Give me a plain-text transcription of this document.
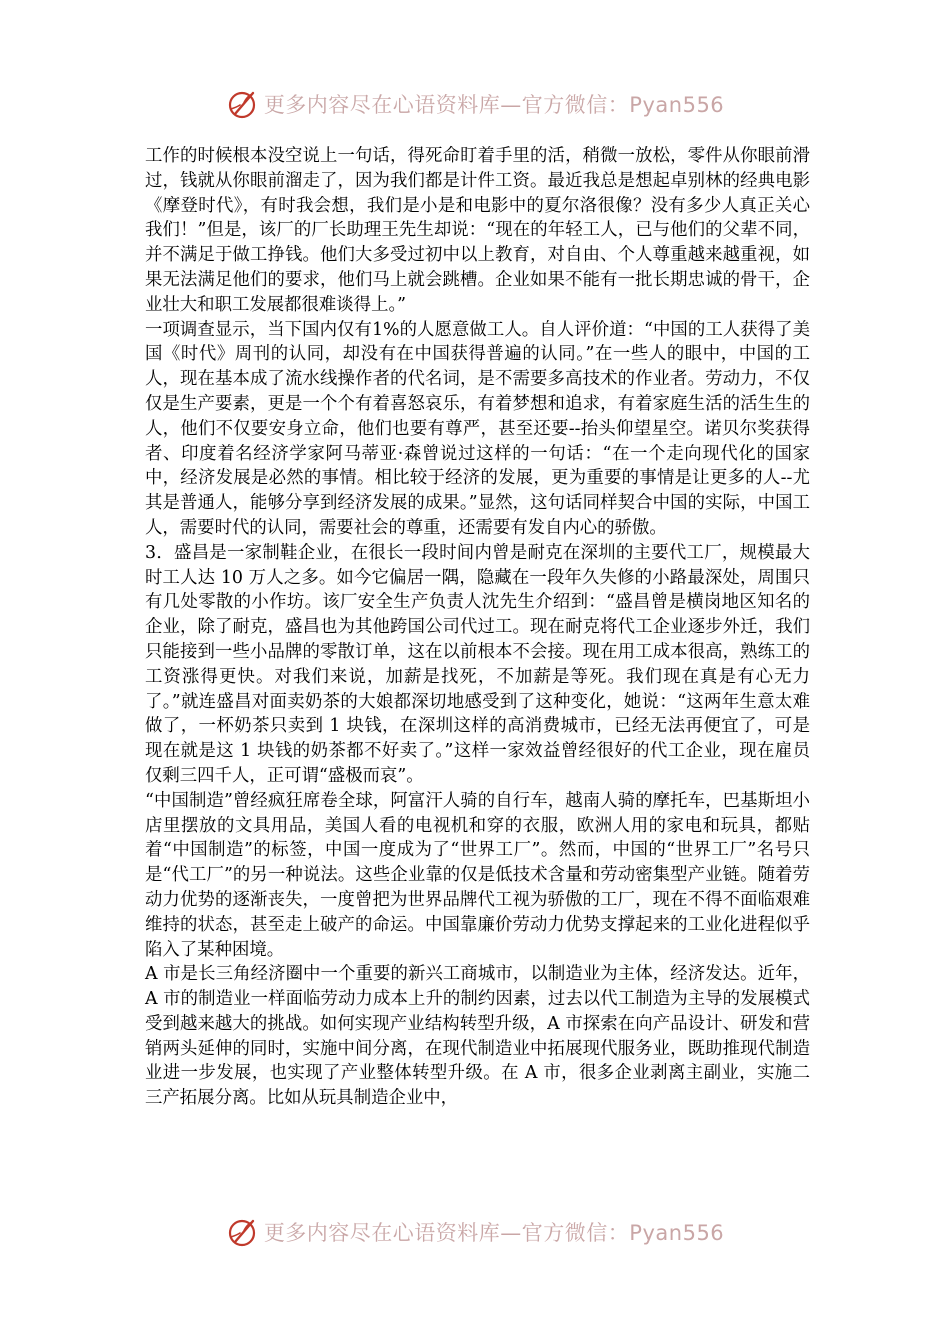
更多内容尽在心语资料库—官方微信：Pyan556

工作的时候根本没空说上一句话，得死命盯着手里的活，稍微一放松，零件从你眼前滑过，钱就从你眼前溜走了，因为我们都是计件工资。最近我总是想起卓别林的经典电影《摩登时代》，有时我会想，我们是小是和电影中的夏尔洛很像？没有多少人真正关心我们！”但是，该厂的厂长助理王先生却说：“现在的年轻工人，已与他们的父辈不同，并不满足于做工挣钱。他们大多受过初中以上教育，对自由、个人尊重越来越重视，如果无法满足他们的要求，他们马上就会跳槽。企业如果不能有一批长期忠诚的骨干，企业壮大和职工发展都很难谈得上。”

一项调查显示，当下国内仅有1%的人愿意做工人。自人评价道：“中国的工人获得了美国《时代》周刊的认同，却没有在中国获得普遍的认同。”在一些人的眼中，中国的工人，现在基本成了流水线操作者的代名词，是不需要多高技术的作业者。劳动力，不仅仅是生产要素，更是一个个有着喜怒哀乐，有着梦想和追求，有着家庭生活的活生生的人，他们不仅要安身立命，他们也要有尊严，甚至还要--抬头仰望星空。诺贝尔奖获得者、印度着名经济学家阿马蒂亚·森曾说过这样的一句话：“在一个走向现代化的国家中，经济发展是必然的事情。相比较于经济的发展，更为重要的事情是让更多的人--尤其是普通人，能够分享到经济发展的成果。”显然，这句话同样契合中国的实际，中国工人，需要时代的认同，需要社会的尊重，还需要有发自内心的骄傲。

3．盛昌是一家制鞋企业，在很长一段时间内曾是耐克在深圳的主要代工厂，规模最大时工人达 10 万人之多。如今它偏居一隅，隐藏在一段年久失修的小路最深处，周围只有几处零散的小作坊。该厂安全生产负责人沈先生介绍到：“盛昌曾是横岗地区知名的企业，除了耐克，盛昌也为其他跨国公司代过工。现在耐克将代工企业逐步外迁，我们只能接到一些小品牌的零散订单，这在以前根本不会接。现在用工成本很高，熟练工的工资涨得更快。对我们来说，加薪是找死，不加薪是等死。我们现在真是有心无力了。”就连盛昌对面卖奶茶的大娘都深切地感受到了这种变化，她说：“这两年生意太难做了，一杯奶茶只卖到 1 块钱，在深圳这样的高消费城市，已经无法再便宜了，可是现在就是这 1 块钱的奶茶都不好卖了。”这样一家效益曾经很好的代工企业，现在雇员仅剩三四千人，正可谓“盛极而哀”。

“中国制造”曾经疯狂席卷全球，阿富汗人骑的自行车，越南人骑的摩托车，巴基斯坦小店里摆放的文具用品，美国人看的电视机和穿的衣服，欧洲人用的家电和玩具，都贴着“中国制造”的标签，中国一度成为了“世界工厂”。然而，中国的“世界工厂”名号只是“代工厂”的另一种说法。这些企业靠的仅是低技术含量和劳动密集型产业链。随着劳动力优势的逐渐丧失，一度曾把为世界品牌代工视为骄傲的工厂，现在不得不面临艰难维持的状态，甚至走上破产的命运。中国靠廉价劳动力优势支撑起来的工业化进程似乎陷入了某种困境。

A 市是长三角经济圈中一个重要的新兴工商城市，以制造业为主体，经济发达。近年，A 市的制造业一样面临劳动力成本上升的制约因素，过去以代工制造为主导的发展模式受到越来越大的挑战。如何实现产业结构转型升级，A 市探索在向产品设计、研发和营销两头延伸的同时，实施中间分离，在现代制造业中拓展现代服务业，既助推现代制造业进一步发展，也实现了产业整体转型升级。在 A 市，很多企业剥离主副业，实施二三产拓展分离。比如从玩具制造企业中，

更多内容尽在心语资料库—官方微信：Pyan556
